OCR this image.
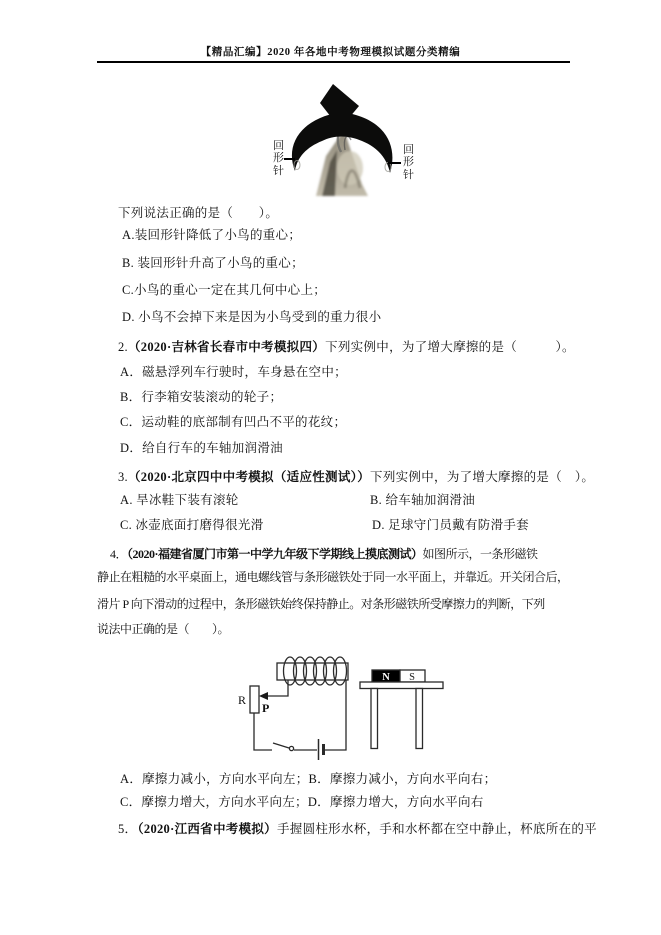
【精品汇编】2020 年各地中考物理模拟试题分类精编
回形针
回形针
下列说法正确的是（　　）。
A.装回形针降低了小鸟的重心；
B. 装回形针升高了小鸟的重心；
C.小鸟的重心一定在其几何中心上；
D. 小鸟不会掉下来是因为小鸟受到的重力很小
2.（2020·吉林省长春市中考模拟四）下列实例中，为了增大摩擦的是（　　　）。
A．磁悬浮列车行驶时，车身悬在空中；
B．行李箱安装滚动的轮子；
C．运动鞋的底部制有凹凸不平的花纹；
D．给自行车的车轴加润滑油
3.（2020·北京四中中考模拟（适应性测试））下列实例中，为了增大摩擦的是（　）。
A. 旱冰鞋下装有滚轮	B. 给车轴加润滑油
C. 冰壶底面打磨得很光滑	D. 足球守门员戴有防滑手套
4．（2020·福建省厦门市第一中学九年级下学期线上摸底测试）如图所示，一条形磁铁
静止在粗糙的水平桌面上，通电螺线管与条形磁铁处于同一水平面上，并靠近。开关闭合后，
滑片 P 向下滑动的过程中，条形磁铁始终保持静止。对条形磁铁所受摩擦力的判断，下列
说法中正确的是（　　）。
R
P
N S
A．摩擦力减小，方向水平向左；B．摩擦力减小，方向水平向右；
C．摩擦力增大，方向水平向左；D．摩擦力增大，方向水平向右
5．（2020·江西省中考模拟）手握圆柱形水杯，手和水杯都在空中静止，杯底所在的平
